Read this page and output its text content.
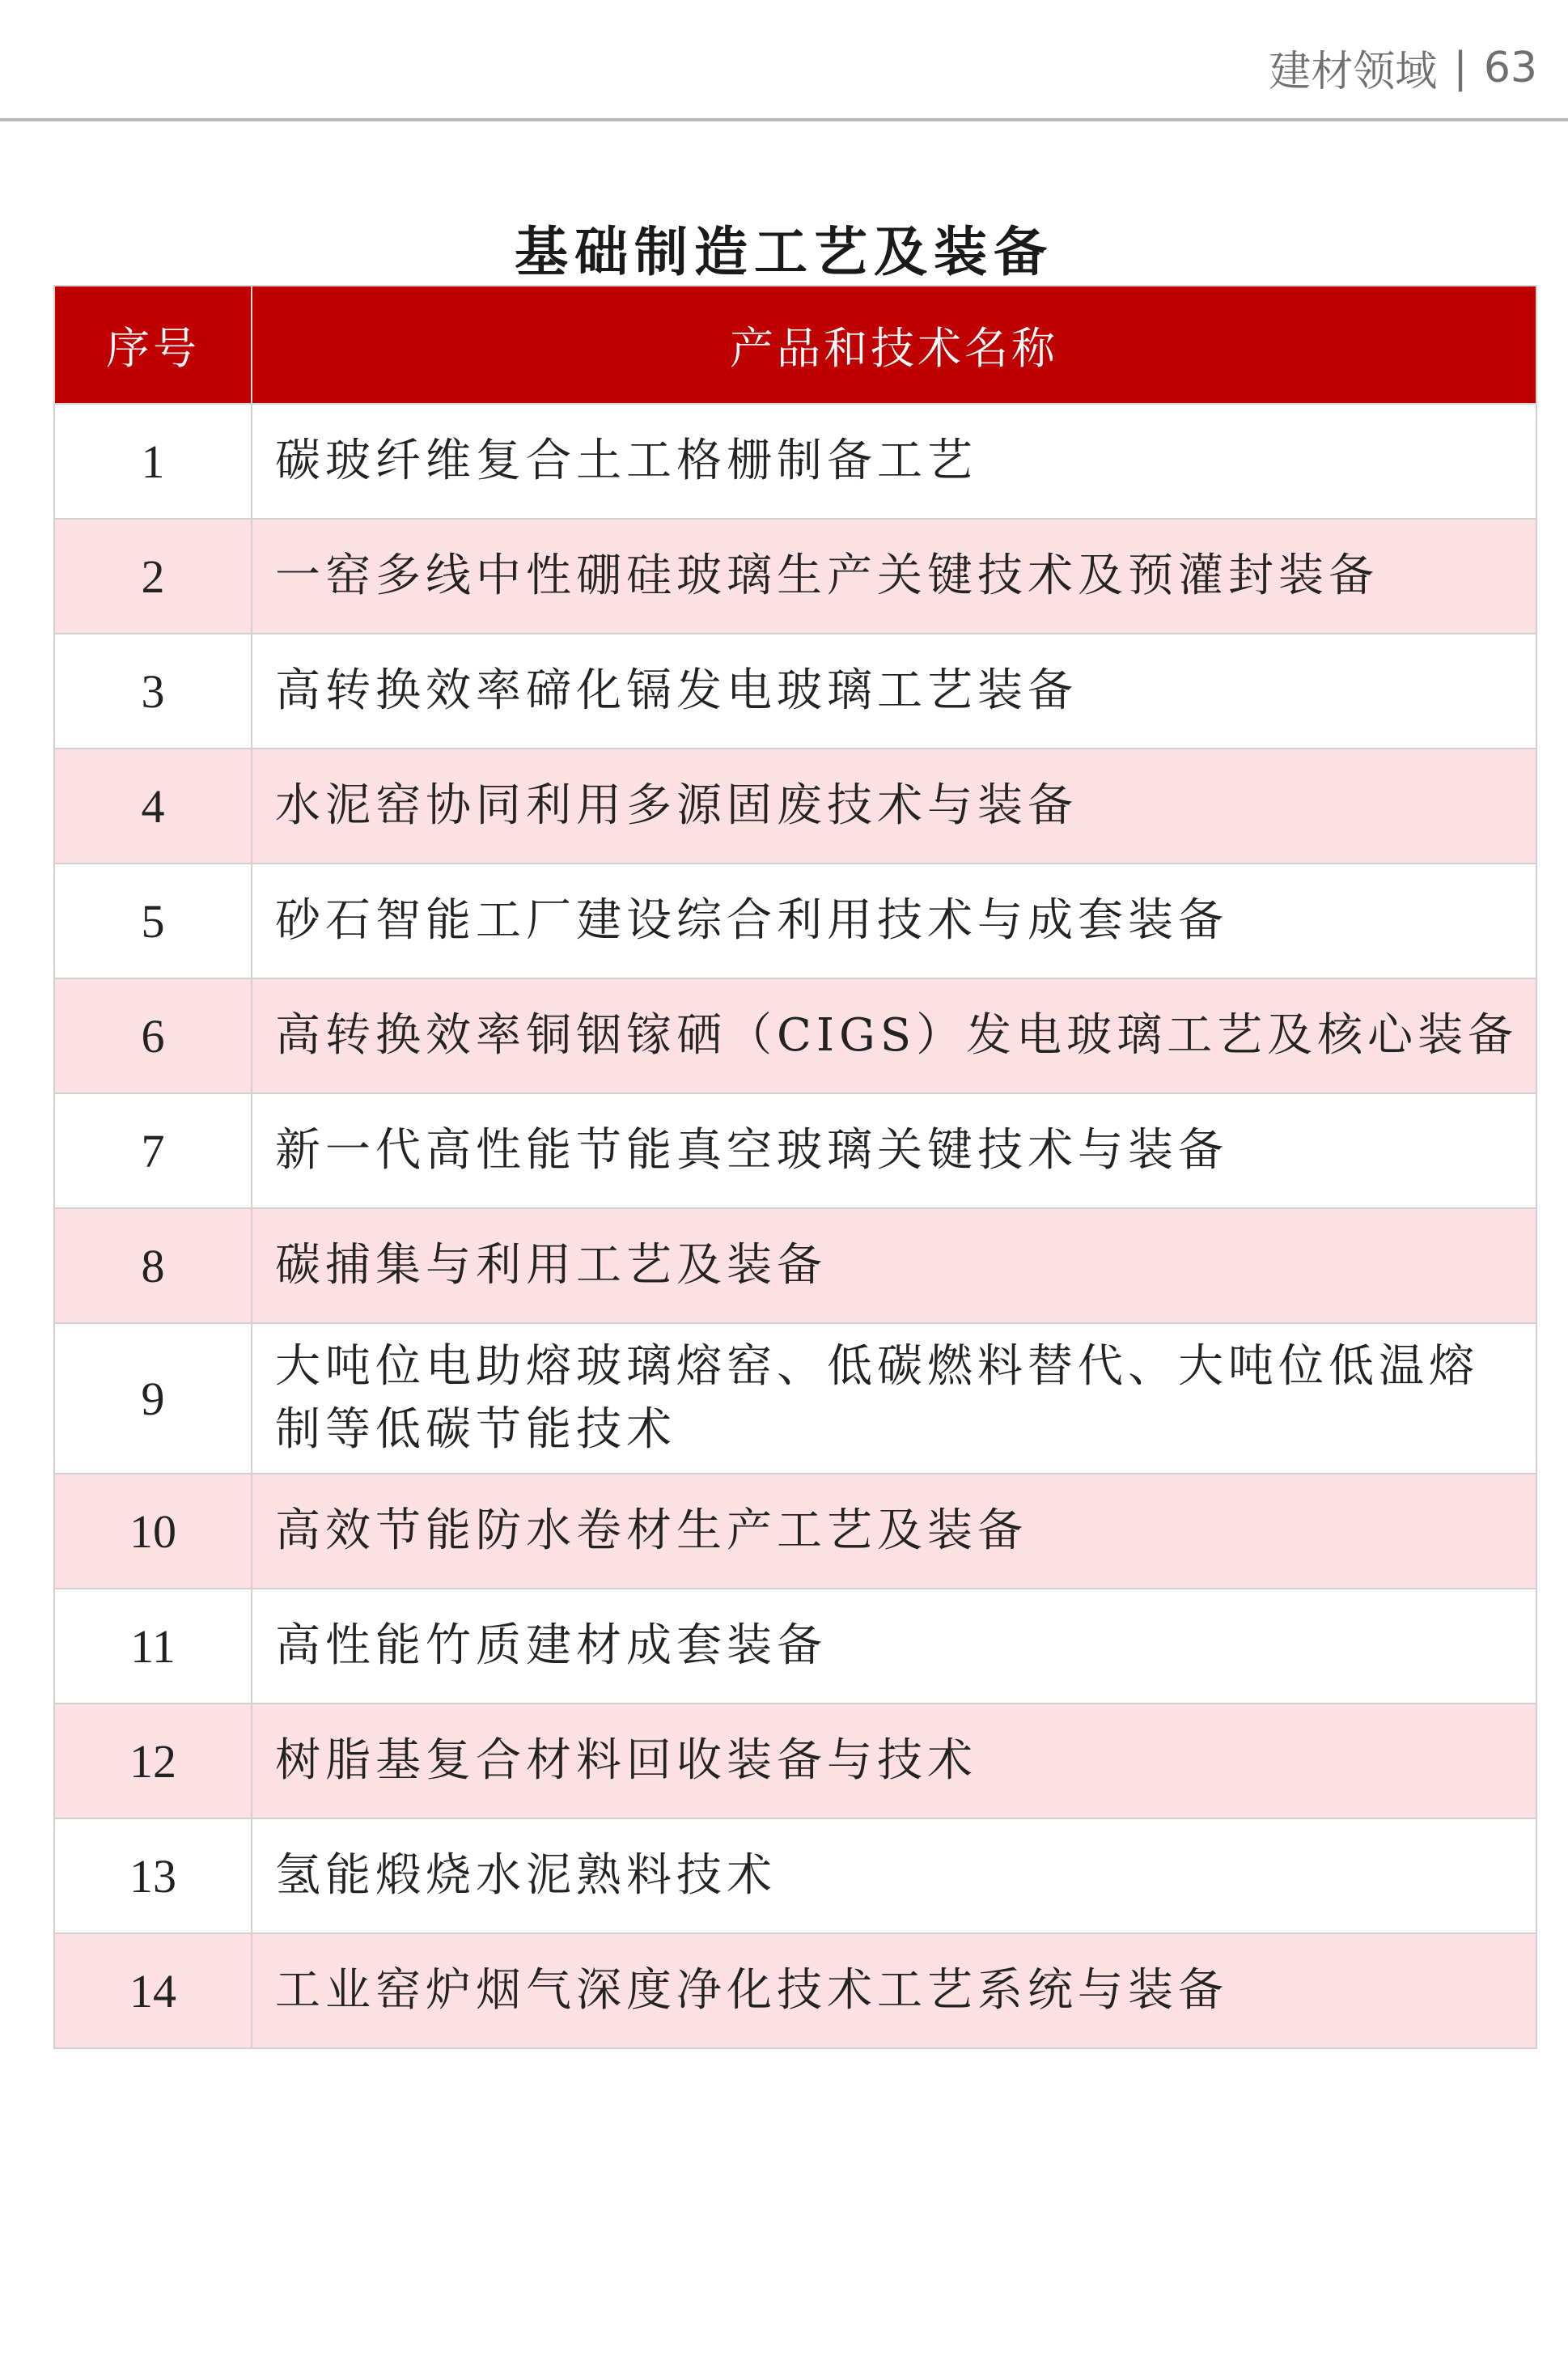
建材领域 | 63
基础制造工艺及装备
序号	产品和技术名称
1	碳玻纤维复合土工格栅制备工艺
2	一窑多线中性硼硅玻璃生产关键技术及预灌封装备
3	高转换效率碲化镉发电玻璃工艺装备
4	水泥窑协同利用多源固废技术与装备
5	砂石智能工厂建设综合利用技术与成套装备
6	高转换效率铜铟镓硒（CIGS）发电玻璃工艺及核心装备
7	新一代高性能节能真空玻璃关键技术与装备
8	碳捕集与利用工艺及装备
9	大吨位电助熔玻璃熔窑、低碳燃料替代、大吨位低温熔制等低碳节能技术
10	高效节能防水卷材生产工艺及装备
11	高性能竹质建材成套装备
12	树脂基复合材料回收装备与技术
13	氢能煅烧水泥熟料技术
14	工业窑炉烟气深度净化技术工艺系统与装备
